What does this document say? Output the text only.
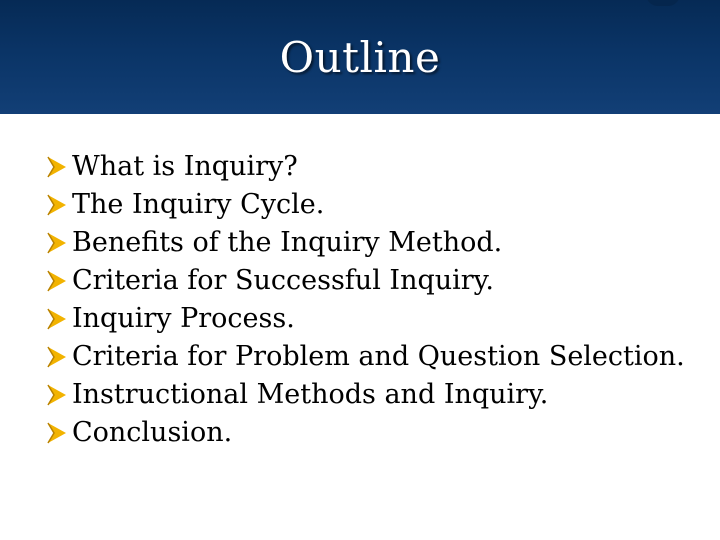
Outline
What is Inquiry?
The Inquiry Cycle.
Benefits of the Inquiry Method.
Criteria for Successful Inquiry.
Inquiry Process.
Criteria for Problem and Question Selection.
Instructional Methods and Inquiry.
Conclusion.
